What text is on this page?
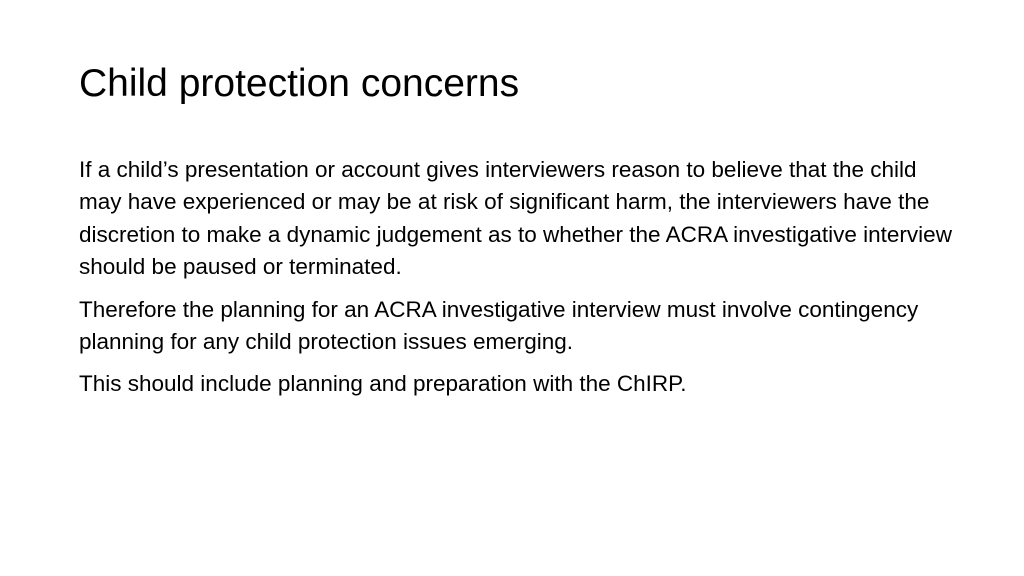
Child protection concerns

If a child’s presentation or account gives interviewers reason to believe that the child may have experienced or may be at risk of significant harm, the interviewers have the discretion to make a dynamic judgement as to whether the ACRA investigative interview should be paused or terminated.

Therefore the planning for an ACRA investigative interview must involve contingency planning for any child protection issues emerging.

This should include planning and preparation with the ChIRP.
